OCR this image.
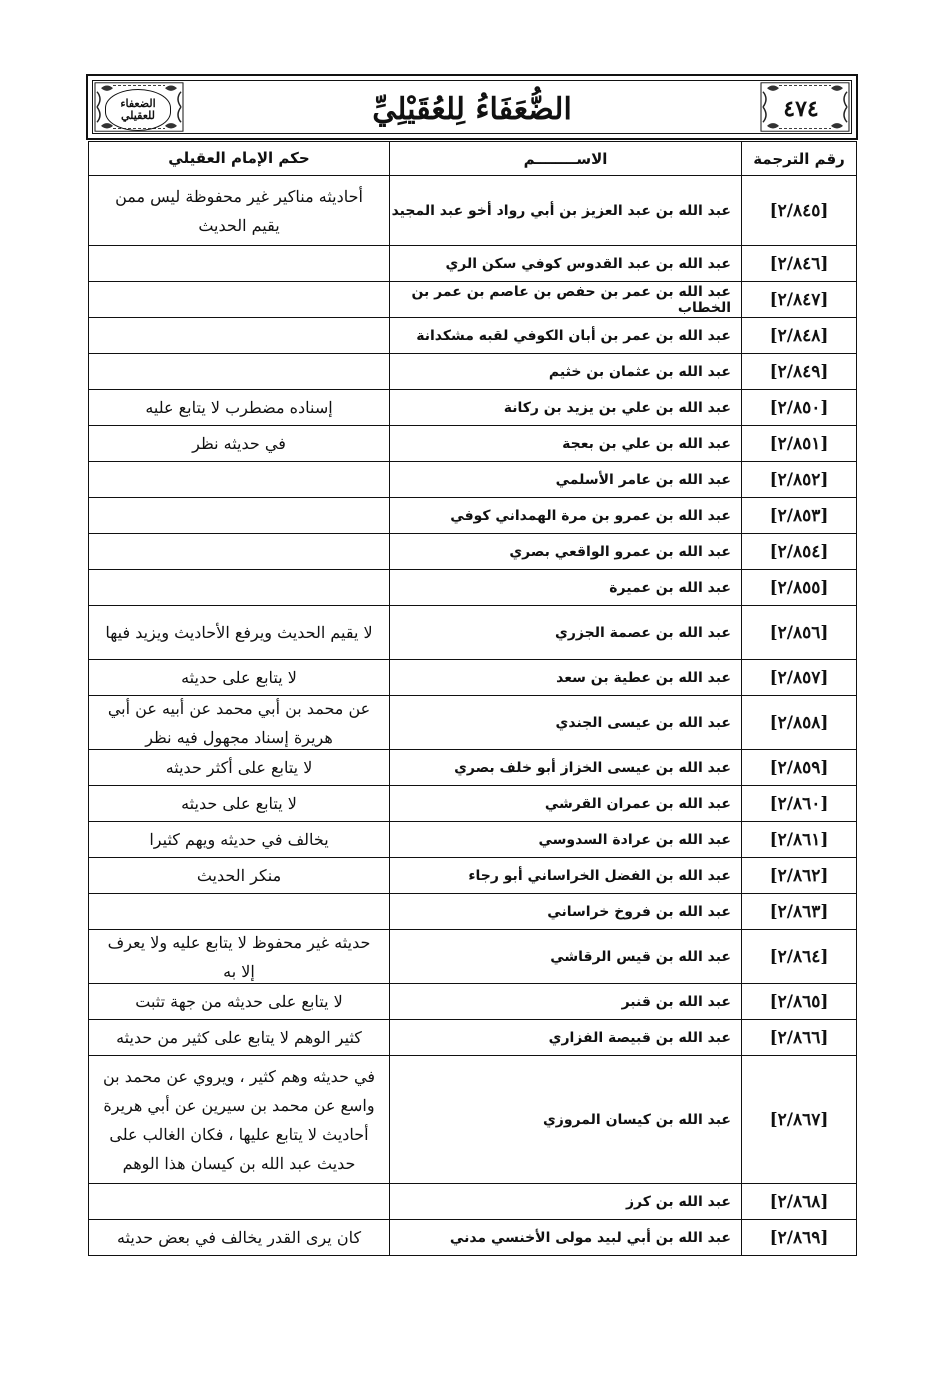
الضعفاء للعقيلي	٤٧٤
الضُّعَفَاءُ لِلعُقَيْلِيِّ
رقم الترجمة
الاســــــــم
حكم الإمام العقيلي
[٢/٨٤٥]
عبد الله بن عبد العزيز بن أبي رواد أخو عبد المجيد
أحاديثه مناكير غير محفوظة ليس ممن يقيم الحديث
[٢/٨٤٦]
عبد الله بن عبد القدوس كوفي سكن الري
[٢/٨٤٧]
عبد الله بن عمر بن حفص بن عاصم بن عمر بن الخطاب
[٢/٨٤٨]
عبد الله بن عمر بن أبان الكوفي لقبه مشكدانة
[٢/٨٤٩]
عبد الله بن عثمان بن خثيم
[٢/٨٥٠]
عبد الله بن علي بن يزيد بن ركانة
إسناده مضطرب لا يتابع عليه
[٢/٨٥١]
عبد الله بن علي بن بعجة
في حديثه نظر
[٢/٨٥٢]
عبد الله بن عامر الأسلمي
[٢/٨٥٣]
عبد الله بن عمرو بن مرة الهمداني كوفي
[٢/٨٥٤]
عبد الله بن عمرو الواقعي بصري
[٢/٨٥٥]
عبد الله بن عميرة
[٢/٨٥٦]
عبد الله بن عصمة الجزري
لا يقيم الحديث ويرفع الأحاديث ويزيد فيها
[٢/٨٥٧]
عبد الله بن عطية بن سعد
لا يتابع على حديثه
[٢/٨٥٨]
عبد الله بن عيسى الجندي
عن محمد بن أبي محمد عن أبيه عن أبي هريرة إسناد مجهول فيه نظر
[٢/٨٥٩]
عبد الله بن عيسى الخزاز أبو خلف بصري
لا يتابع على أكثر حديثه
[٢/٨٦٠]
عبد الله بن عمران القرشي
لا يتابع على حديثه
[٢/٨٦١]
عبد الله بن عرادة السدوسي
يخالف في حديثه ويهم كثيرا
[٢/٨٦٢]
عبد الله بن الفضل الخراساني أبو رجاء
منكر الحديث
[٢/٨٦٣]
عبد الله بن فروخ خراساني
[٢/٨٦٤]
عبد الله بن قيس الرقاشي
حديثه غير محفوظ لا يتابع عليه ولا يعرف إلا به
[٢/٨٦٥]
عبد الله بن قنبر
لا يتابع على حديثه من جهة تثبت
[٢/٨٦٦]
عبد الله بن قبيصة الفزاري
كثير الوهم لا يتابع على كثير من حديثه
[٢/٨٦٧]
عبد الله بن كيسان المروزي
في حديثه وهم كثير ، ويروي عن محمد بن واسع عن محمد بن سيرين عن أبي هريرة أحاديث لا يتابع عليها ، فكان الغالب على حديث عبد الله بن كيسان هذا الوهم
[٢/٨٦٨]
عبد الله بن كرز
[٢/٨٦٩]
عبد الله بن أبي لبيد مولى الأخنسي مدني
كان يرى القدر يخالف في بعض حديثه
